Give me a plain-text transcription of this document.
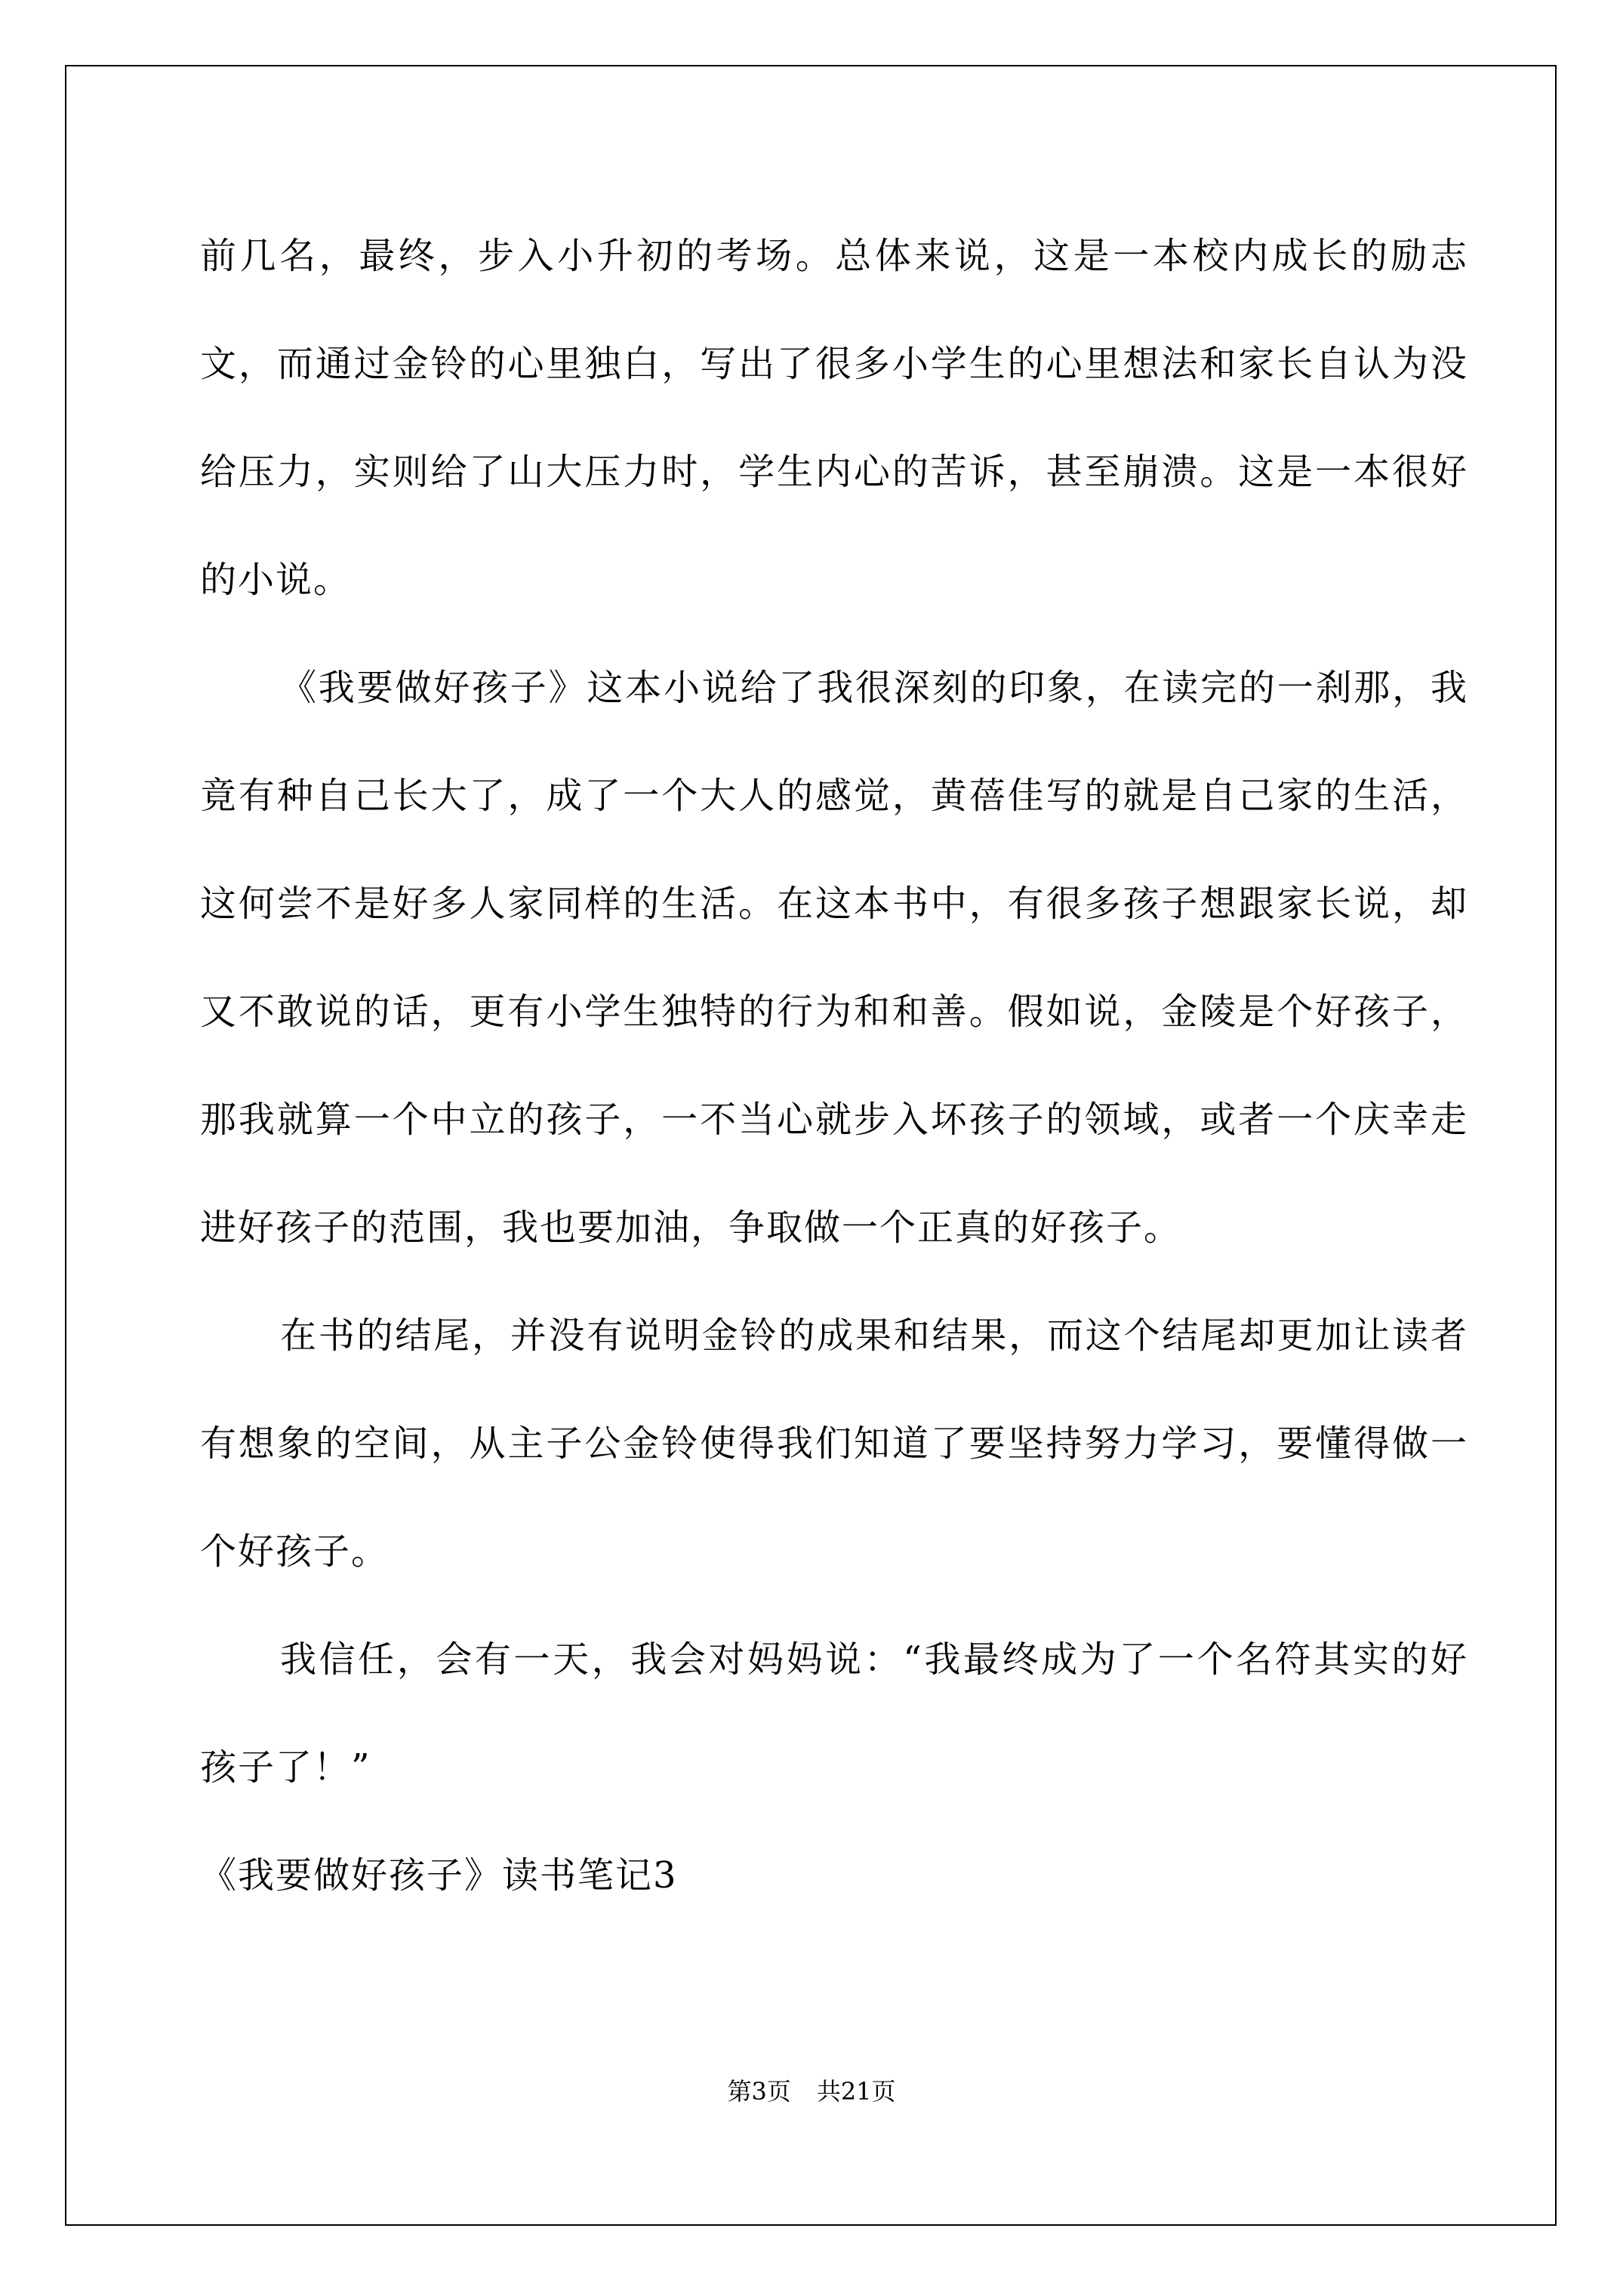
前几名，最终，步入小升初的考场。总体来说，这是一本校内成长的励志文，而通过金铃的心里独白，写出了很多小学生的心里想法和家长自认为没给压力，实则给了山大压力时，学生内心的苦诉，甚至崩溃。这是一本很好的小说。

《我要做好孩子》这本小说给了我很深刻的印象，在读完的一刹那，我竟有种自己长大了，成了一个大人的感觉，黄蓓佳写的就是自己家的生活，这何尝不是好多人家同样的生活。在这本书中，有很多孩子想跟家长说，却又不敢说的话，更有小学生独特的行为和和善。假如说，金陵是个好孩子，那我就算一个中立的孩子，一不当心就步入坏孩子的领域，或者一个庆幸走进好孩子的范围，我也要加油，争取做一个正真的好孩子。

在书的结尾，并没有说明金铃的成果和结果，而这个结尾却更加让读者有想象的空间，从主子公金铃使得我们知道了要坚持努力学习，要懂得做一个好孩子。

我信任，会有一天，我会对妈妈说：“我最终成为了一个名符其实的好孩子了！”

《我要做好孩子》读书笔记3

第3页 共21页
